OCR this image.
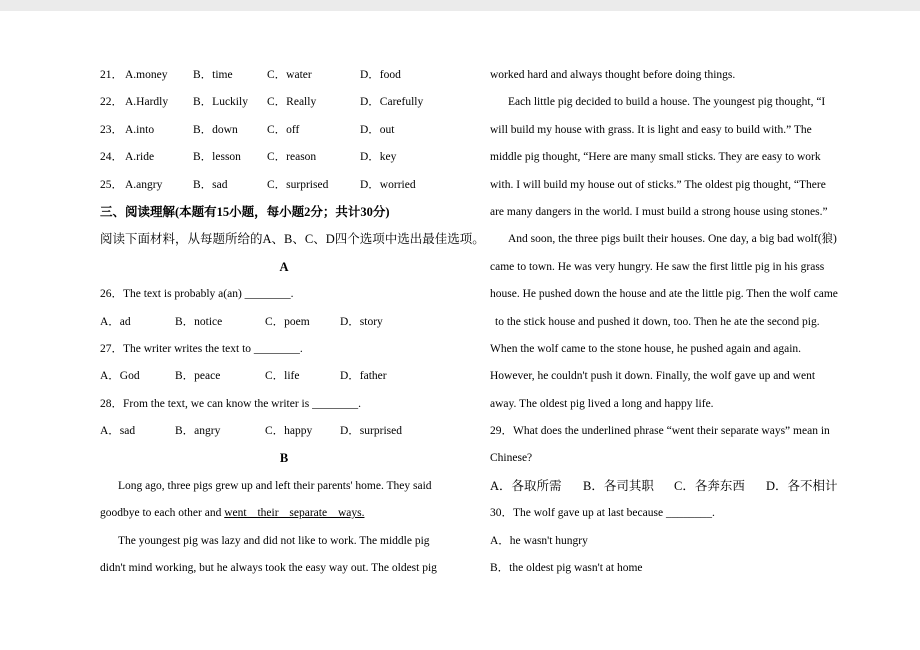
21． A.money B．time	C．water	D．food
22． A.Hardly B．Luckily C．Really	D．Carefully
23． A.into	B．down	C．off	D．out
24． A.ride	B．lesson C．reason	D．key
25． A.angry	B．sad	C．surprised	D．worried
三、阅读理解(本题有15小题，每小题2分；共计30分)
阅读下面材料，从每题所给的A、B、C、D四个选项中选出最佳选项。
A
26．The text is probably a(an) ________.
A．ad	B．notice	C．poem	D．story
27．The writer writes the text to ________.
A．God	B．peace	C．life	D．father
28．From the text, we can know the writer is ________.
A．sad	B．angry	C．happy D．surprised
B
Long ago, three pigs grew up and left their parents' home. They said
goodbye to each other and went their separate ways.
The youngest pig was lazy and did not like to work. The middle pig
didn't mind working, but he always took the easy way out. The oldest pig
worked hard and always thought before doing things.
Each little pig decided to build a house. The youngest pig thought, “I
will build my house with grass. It is light and easy to build with.” The
middle pig thought, “Here are many small sticks. They are easy to work
with. I will build my house out of sticks.” The oldest pig thought, “There
are many dangers in the world. I must build a strong house using stones.”
And soon, the three pigs built their houses. One day, a big bad wolf(狼)
came to town. He was very hungry. He saw the first little pig in his grass
house. He pushed down the house and ate the little pig. Then the wolf came
to the stick house and pushed it down, too. Then he ate the second pig.
When the wolf came to the stone house, he pushed again and again.
However, he couldn't push it down. Finally, the wolf gave up and went
away. The oldest pig lived a long and happy life.
29．What does the underlined phrase “went their separate ways” mean in
Chinese?
A．各取所需 B．各司其职 C．各奔东西 D．各不相计
30．The wolf gave up at last because ________.
A．he wasn't hungry
B．the oldest pig wasn't at home
